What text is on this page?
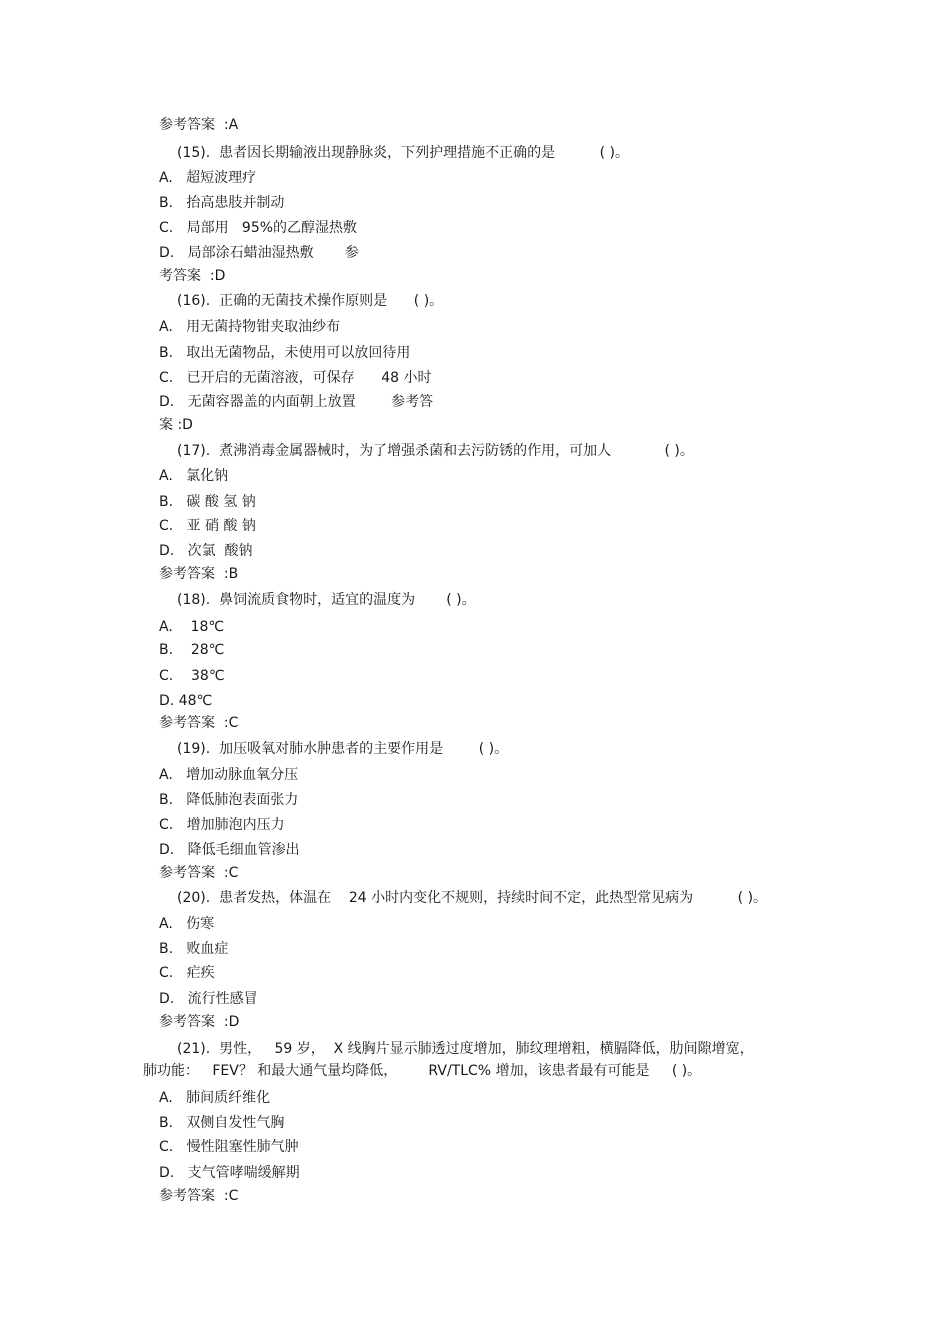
参考答案  :A
(15).  患者因长期输液出现静脉炎，下列护理措施不正确的是          ( )。
A.   超短波理疗
B.   抬高患肢并制动
C.   局部用   95%的乙醇湿热敷
D.   局部涂石蜡油湿热敷       参
考答案  :D
(16).  正确的无菌技术操作原则是      ( )。
A.   用无菌持物钳夹取油纱布
B.   取出无菌物品，未使用可以放回待用
C.   已开启的无菌溶液，可保存      48 小时
D.   无菌容器盖的内面朝上放置        参考答
案 :D
(17).  煮沸消毒金属器械时，为了增强杀菌和去污防锈的作用，可加人            ( )。
A.   氯化钠
B.   碳 酸 氢 钠
C.   亚 硝 酸 钠
D.   次氯  酸钠
参考答案  :B
(18).  鼻饲流质食物时，适宜的温度为       ( )。
A.    18℃
B.    28℃
C.    38℃
D. 48℃
参考答案  :C
(19).  加压吸氧对肺水肿患者的主要作用是        ( )。
A.   增加动脉血氧分压
B.   降低肺泡表面张力
C.   增加肺泡内压力
D.   降低毛细血管渗出
参考答案  :C
(20).  患者发热，体温在    24 小时内变化不规则，持续时间不定，此热型常见病为          ( )。
A.   伤寒
B.   败血症
C.   疟疾
D.   流行性感冒
参考答案  :D
(21).  男性，   59 岁，  X 线胸片显示肺透过度增加，肺纹理增粗，横膈降低，肋间隙增宽，
肺功能：   FEV？ 和最大通气量均降低，       RV/TLC% 增加，该患者最有可能是     ( )。
A.   肺间质纤维化
B.   双侧自发性气胸
C.   慢性阻塞性肺气肿
D.   支气管哮喘缓解期
参考答案  :C
